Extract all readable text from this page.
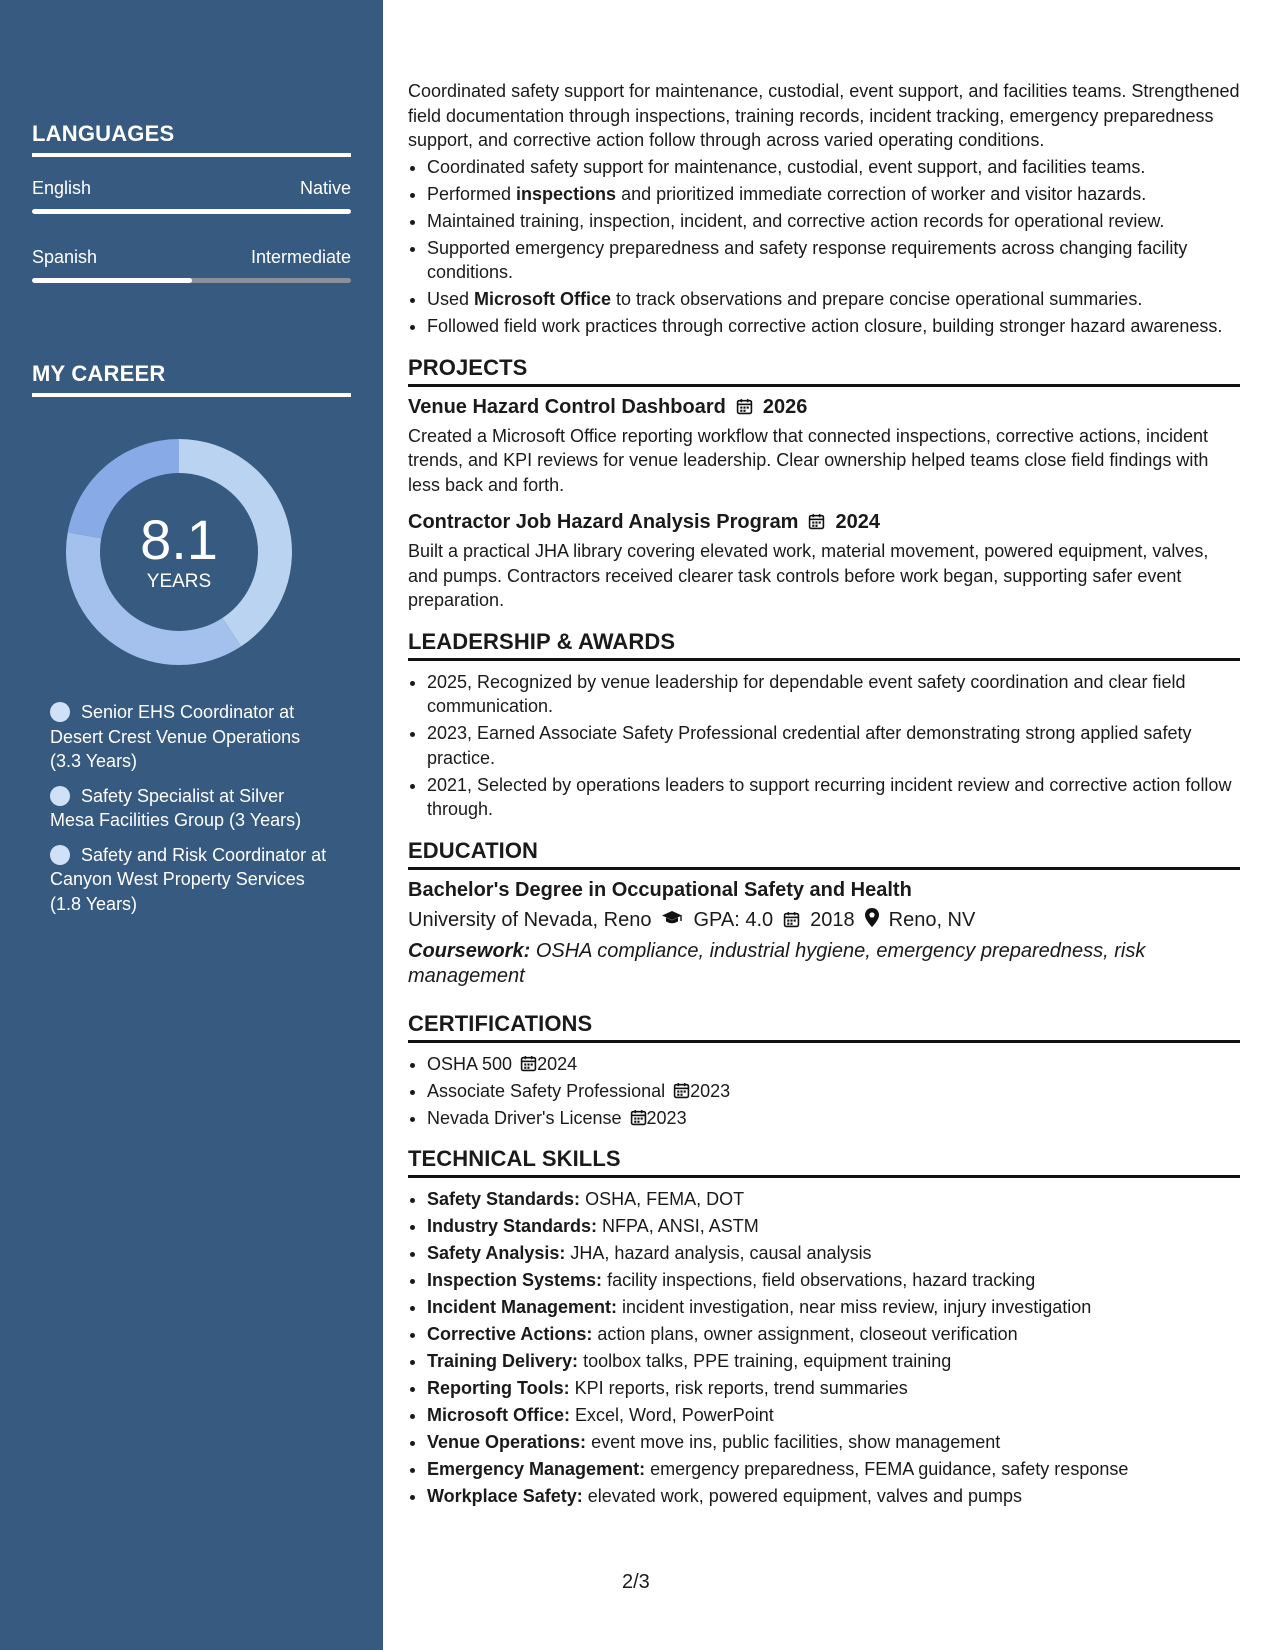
LANGUAGES
English	Native
Spanish	Intermediate
MY CAREER
8.1
YEARS
Senior EHS Coordinator at Desert Crest Venue Operations (3.3 Years)
Safety Specialist at Silver Mesa Facilities Group (3 Years)
Safety and Risk Coordinator at Canyon West Property Services (1.8 Years)

Coordinated safety support for maintenance, custodial, event support, and facilities teams. Strengthened field documentation through inspections, training records, incident tracking, emergency preparedness support, and corrective action follow through across varied operating conditions.

• Coordinated safety support for maintenance, custodial, event support, and facilities teams.
• Performed inspections and prioritized immediate correction of worker and visitor hazards.
• Maintained training, inspection, incident, and corrective action records for operational review.
• Supported emergency preparedness and safety response requirements across changing facility conditions.
• Used Microsoft Office to track observations and prepare concise operational summaries.
• Followed field work practices through corrective action closure, building stronger hazard awareness.
PROJECTS
Venue Hazard Control Dashboard 2026

Created a Microsoft Office reporting workflow that connected inspections, corrective actions, incident trends, and KPI reviews for venue leadership. Clear ownership helped teams close field findings with less back and forth.

Contractor Job Hazard Analysis Program 2024

Built a practical JHA library covering elevated work, material movement, powered equipment, valves, and pumps. Contractors received clearer task controls before work began, supporting safer event preparation.

LEADERSHIP & AWARDS
• 2025, Recognized by venue leadership for dependable event safety coordination and clear field communication.
• 2023, Earned Associate Safety Professional credential after demonstrating strong applied safety practice.
• 2021, Selected by operations leaders to support recurring incident review and corrective action follow through.
EDUCATION
Bachelor's Degree in Occupational Safety and Health
University of Nevada, Reno GPA: 4.0 2018 Reno, NV
Coursework: OSHA compliance, industrial hygiene, emergency preparedness, risk management
CERTIFICATIONS
• OSHA 500 2024
• Associate Safety Professional 2023
• Nevada Driver's License 2023
TECHNICAL SKILLS
• Safety Standards: OSHA, FEMA, DOT
• Industry Standards: NFPA, ANSI, ASTM
• Safety Analysis: JHA, hazard analysis, causal analysis
• Inspection Systems: facility inspections, field observations, hazard tracking
• Incident Management: incident investigation, near miss review, injury investigation
• Corrective Actions: action plans, owner assignment, closeout verification
• Training Delivery: toolbox talks, PPE training, equipment training
• Reporting Tools: KPI reports, risk reports, trend summaries
• Microsoft Office: Excel, Word, PowerPoint
• Venue Operations: event move ins, public facilities, show management
• Emergency Management: emergency preparedness, FEMA guidance, safety response
• Workplace Safety: elevated work, powered equipment, valves and pumps
2/3
